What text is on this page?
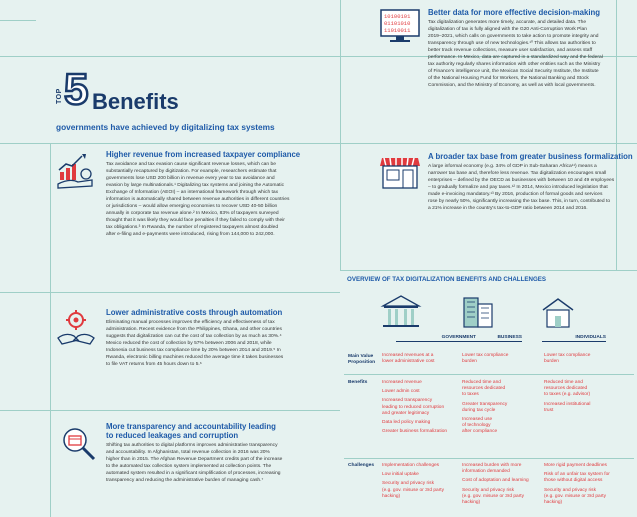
TOP 5 Benefits
governments have achieved by digitalizing tax systems

Higher revenue from increased taxpayer compliance

Tax avoidance and tax evasion cause significant revenue losses, which can be

substantially recaptured by digitization. For example, researchers estimate that

governments lose USD 200 billion in revenue every year to tax avoidance and

evasion by large multinationals.¹ Digitalizing tax systems and joining the Automatic

Exchange of Information (AEOI) – an international framework through which tax

information is automatically shared between revenue authorities in different countries

or jurisdictions – would allow emerging economies to recover USD 40-50 billion

annually in corporate tax revenue alone.² In Mexico, 83% of taxpayers surveyed

thought that it was likely they would face penalties if they failed to comply with their

tax obligations.³ In Rwanda, the number of registered taxpayers almost doubled

after e-filing and e-payments were introduced, rising from 144,000 to 242,000.

Lower administrative costs through automation

Eliminating manual processes improves the efficiency and effectiveness of tax

administration. Recent evidence from the Philippines, Ghana, and other countries

suggests that digitalization can cut the cost of tax collection by as much as 30%.⁴

Mexico reduced the cost of collection by 57% between 2006 and 2018, while

Indonesia cut business tax compliance time by 20% between 2014 and 2019.⁵ In

Rwanda, electronic billing machines reduced the average time it takes businesses

to file VAT returns from 45 hours down to 5.⁶

More transparency and accountability leading

to reduced leakages and corruption

Shifting tax authorities to digital platforms improves administrative transparency

and accountability. In Afghanistan, total revenue collection in 2016 was 20%

higher than in 2015. The Afghan Revenue Department credits part of the increase

to the automated tax collection system implemented at collection points. The

automated system resulted in a significant simplification of processes, increasing

transparency and reducing the administrative burden of managing cash.⁷

10100101
01101010
11010011

Better data for more effective decision-making

Tax digitalization generates more timely, accurate, and detailed data. The

digitalization of tax is fully aligned with the G20 Anti-Corruption Work Plan

2019–2021, which calls on governments to take action to promote integrity and

transparency through use of new technologies.¹⁰ This allows tax authorities to

better track revenue collections, measure user satisfaction, and assess staff

performance. In Mexico, data are captured in a standardized way and the federal

tax authority regularly shares information with other entities such as the Ministry

of Finance's intelligence unit, the Mexican Social Security Institute, the Institute

of the National Housing Fund for Workers, the National Banking and Stock

Commission, and the Ministry of Economy, as well as with local governments.

A broader tax base from greater business formalization

A large informal economy (e.g. 34% of GDP in Sub-Saharan Africa¹¹) means a

narrower tax base and, therefore less revenue. Tax digitalization encourages small

enterprises – defined by the OECD as businesses with between 10 and 49 employees

– to gradually formalize and pay taxes.¹² In 2014, Mexico introduced legislation that

made e-invoicing mandatory.¹³ By 2016, production of formal goods and services

rose by nearly 50%, significantly increasing the tax base. This, in turn, contributed to

a 21% increase in the country's tax-to-GDP ratio between 2014 and 2016.

OVERVIEW OF TAX DIGITALIZATION BENEFITS AND CHALLENGES
GOVERNMENT	BUSINESS	INDIVIDUALS
Main Value
Proposition
Benefits
Challenges

Increased revenues at a
lower administrative cost

Increased revenue

Lower admin cost

Increased transparency
leading to reduced corruption
and greater legitimacy

Data led policy making

Greater business formalization

Implementation challenges

Low initial uptake

Security and privacy risk
(e.g. gov. misuse or 3rd party
hacking)

Lower tax compliance
burden

Reduced time and
resources dedicated
to taxes

Greater transparency
during tax cycle

Increased use
of technology
after compliance

Increased burden with more
information demanded

Cost of adoptation and learning

Security and privacy risk
(e.g. gov. misuse or 3rd party
hacking)

Lower tax compliance
burden

Reduced time and
resources dedicated
to taxes (e.g. advisor)

Increased institutional
trust

More rigid payment deadlines

Risk of an unfair tax system for
those without digital access

Security and privacy risk
(e.g. gov. misuse or 3rd party
hacking)
